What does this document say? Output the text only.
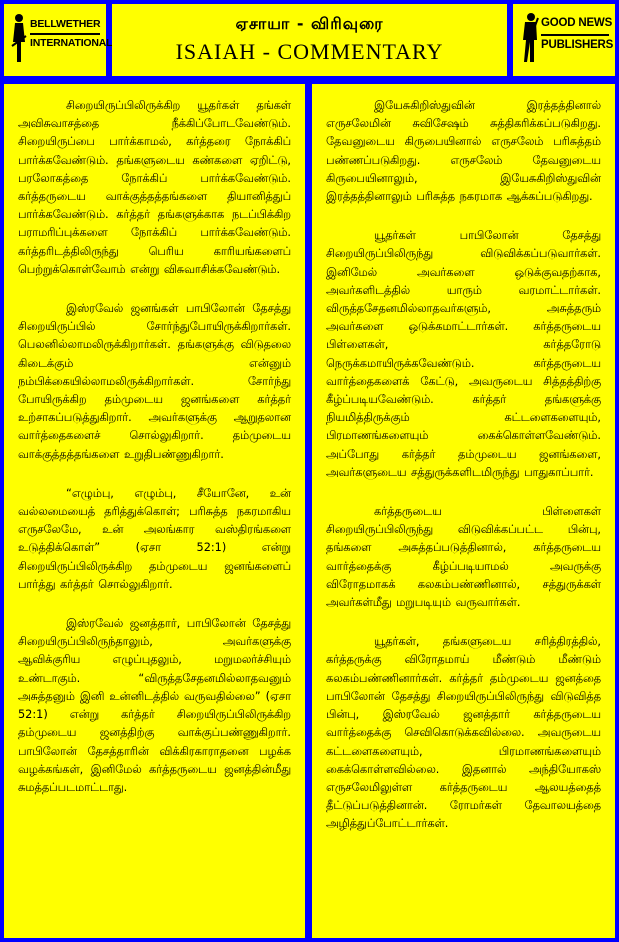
BELLWETHER
INTERNATIONAL
ஏசாயா - விரிவுரை
ISAIAH - COMMENTARY
GOOD NEWS
PUBLISHERS

சிறையிருப்பிலிருக்கிற யூதர்கள் தங்கள் அவிசுவாசத்தை நீக்கிப்போடவேண்டும். சிறையிருப்பை பார்க்காமல், கர்த்தரை நோக்கிப் பார்க்கவேண்டும். தங்களுடைய கண்களை ஏறிட்டு, பரலோகத்தை நோக்கிப் பார்க்கவேண்டும். கர்த்தருடைய வாக்குத்தத்தங்களை தியானித்துப் பார்க்கவேண்டும். கர்த்தர் தங்களுக்காக நடப்பிக்கிற பராமரிப்புக்களை நோக்கிப் பார்க்கவேண்டும். கர்த்தரிடத்திலிருந்து பெரிய காரியங்களைப் பெற்றுக்கொள்வோம் என்று விசுவாசிக்கவேண்டும்.

இஸ்ரவேல் ஜனங்கள் பாபிலோன் தேசத்து சிறையிருப்பில் சோர்ந்துபோயிருக்கிறார்கள். பெலனில்லாமலிருக்கிறார்கள். தங்களுக்கு விடுதலை கிடைக்கும் என்னும் நம்பிக்கையில்லாமலிருக்கிறார்கள். சோர்ந்து போயிருக்கிற தம்முடைய ஜனங்களை கர்த்தர் உற்சாகப்படுத்துகிறார். அவர்களுக்கு ஆறுதலான வார்த்தைகளைச் சொல்லுகிறார். தம்முடைய வாக்குத்தத்தங்களை உறுதிபண்ணுகிறார்.

“எழும்பு, எழும்பு, சீயோனே, உன் வல்லமையைத் தரித்துக்கொள்; பரிசுத்த நகரமாகிய எருசலேமே, உன் அலங்கார வஸ்திரங்களை உடுத்திக்கொள்” (ஏசா 52:1) என்று சிறையிருப்பிலிருக்கிற தம்முடைய ஜனங்களைப் பார்த்து கர்த்தர் சொல்லுகிறார்.

இஸ்ரவேல் ஜனத்தார், பாபிலோன் தேசத்து சிறையிருப்பிலிருந்தாலும், அவர்களுக்கு ஆவிக்குரிய எழுப்புதலும், மறுமலர்ச்சியும் உண்டாகும். “விருத்தசேதனமில்லாதவனும் அசுத்தனும் இனி உன்னிடத்தில் வருவதில்லை” (ஏசா 52:1) என்று கர்த்தர் சிறையிருப்பிலிருக்கிற தம்முடைய ஜனத்திற்கு வாக்குப்பண்ணுகிறார். பாபிலோன் தேசத்தாரின் விக்கிரகாராதனை பழக்க வழக்கங்கள், இனிமேல் கர்த்தருடைய ஜனத்தின்மீது சுமத்தப்படமாட்டாது.

இயேசுகிறிஸ்துவின் இரத்தத்தினால் எருசலேமின் சுவிசேஷம் சுத்திகரிக்கப்படுகிறது. தேவனுடைய கிருபையினால் எருசலேம் பரிசுத்தம் பண்ணப்படுகிறது. எருசலேம் தேவனுடைய கிருபையினாலும், இயேசுகிறிஸ்துவின் இரத்தத்தினாலும் பரிசுத்த நகரமாக ஆக்கப்படுகிறது.

யூதர்கள் பாபிலோன் தேசத்து சிறையிருப்பிலிருந்து விடுவிக்கப்படுவார்கள். இனிமேல் அவர்களை ஒடுக்குவதற்காக, அவர்களிடத்தில் யாரும் வரமாட்டார்கள். விருத்தசேதனமில்லாதவர்களும், அசுத்தரும் அவர்களை ஒடுக்கமாட்டார்கள். கர்த்தருடைய பிள்ளைகள், கர்த்தரோடு நெருக்கமாயிருக்கவேண்டும். கர்த்தருடைய வார்த்தைகளைக் கேட்டு, அவருடைய சித்தத்திற்கு கீழ்ப்படியவேண்டும். கர்த்தர் தங்களுக்கு நியமித்திருக்கும் கட்டளைகளையும், பிரமாணங்களையும் கைக்கொள்ளவேண்டும். அப்போது கர்த்தர் தம்முடைய ஜனங்களை, அவர்களுடைய சத்துருக்களிடமிருந்து பாதுகாப்பார்.

கர்த்தருடைய பிள்ளைகள் சிறையிருப்பிலிருந்து விடுவிக்கப்பட்ட பின்பு, தங்களை அசுத்தப்படுத்தினால், கர்த்தருடைய வார்த்தைக்கு கீழ்ப்படியாமல் அவருக்கு விரோதமாகக் கலகம்பண்ணினால், சத்துருக்கள் அவர்கள்மீது மறுபடியும் வருவார்கள்.

யூதர்கள், தங்களுடைய சரித்திரத்தில், கர்த்தருக்கு விரோதமாய் மீண்டும் மீண்டும் கலகம்பண்ணினார்கள். கர்த்தர் தம்முடைய ஜனத்தை பாபிலோன் தேசத்து சிறையிருப்பிலிருந்து விடுவித்த பின்பு, இஸ்ரவேல் ஜனத்தார் கர்த்தருடைய வார்த்தைக்கு செவிகொடுக்கவில்லை. அவருடைய கட்டளைகளையும், பிரமாணங்களையும் கைக்கொள்ளவில்லை. இதனால் அந்தியோகஸ் எருசலேமிலுள்ள கர்த்தருடைய ஆலயத்தைத் தீட்டுப்படுத்தினான். ரோமர்கள் தேவாலயத்தை அழித்துப்போட்டார்கள்.
